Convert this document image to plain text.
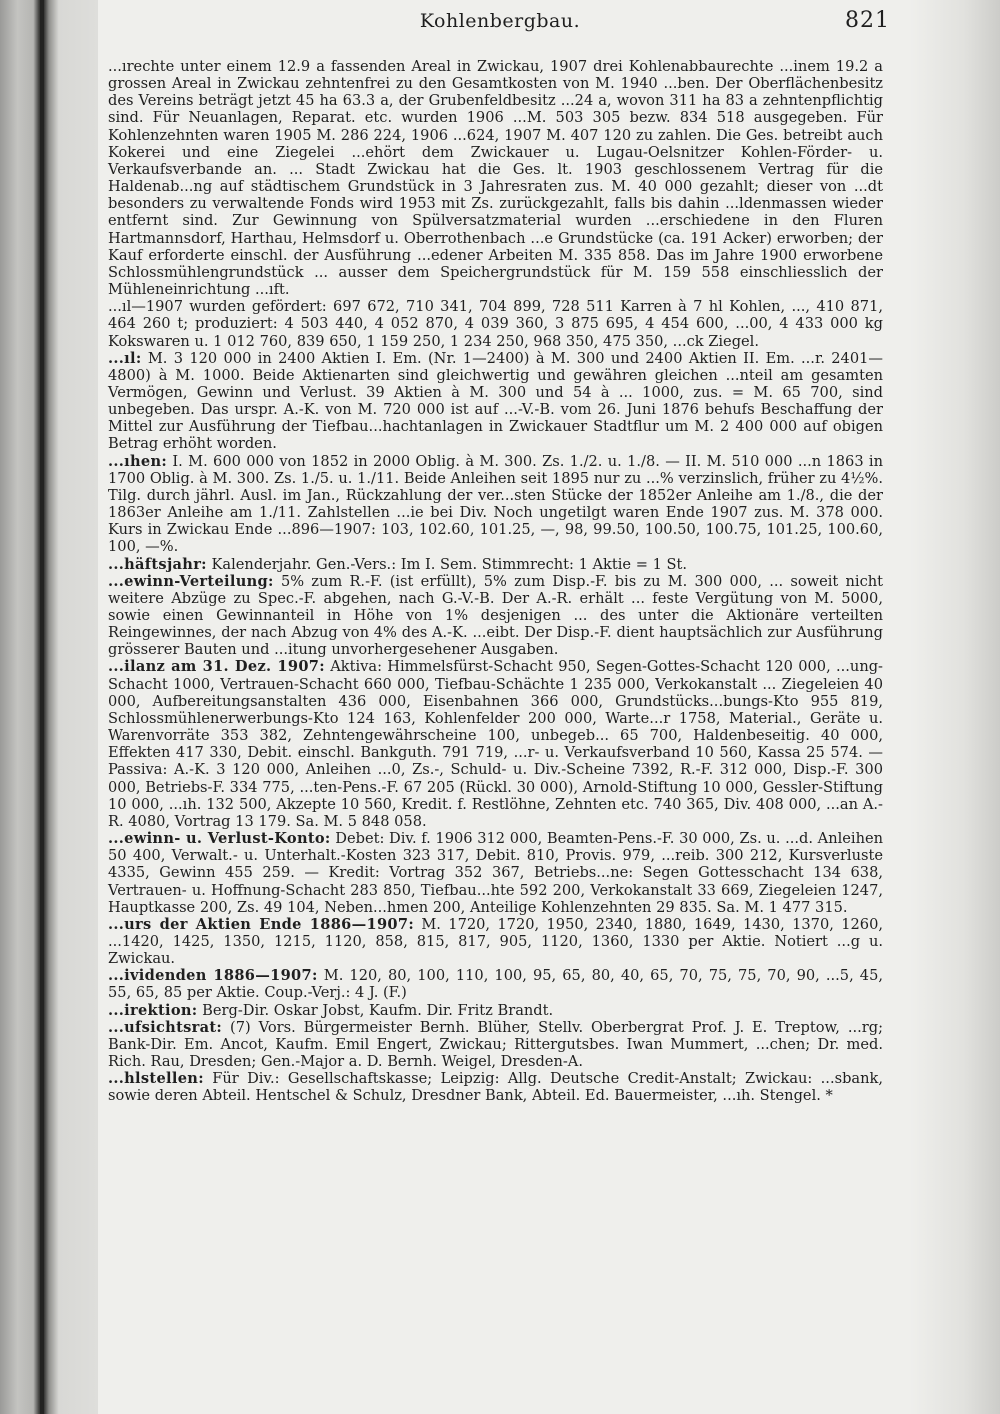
Kohlenbergbau.	821

...ırechte unter einem 12.9 a fassenden Areal in Zwickau, 1907 drei Kohlenabbaurechte ...inem 19.2 a grossen Areal in Zwickau zehntenfrei zu den Gesamtkosten von M. 1940 ...ben. Der Oberflächenbesitz des Vereins beträgt jetzt 45 ha 63.3 a, der Grubenfeldbesitz ...24 a, wovon 311 ha 83 a zehntenpflichtig sind. Für Neuanlagen, Reparat. etc. wurden 1906 ...M. 503 305 bezw. 834 518 ausgegeben. Für Kohlenzehnten waren 1905 M. 286 224, 1906 ...624, 1907 M. 407 120 zu zahlen. Die Ges. betreibt auch Kokerei und eine Ziegelei ...ehört dem Zwickauer u. Lugau-Oelsnitzer Kohlen-Förder- u. Verkaufsverbande an. ... Stadt Zwickau hat die Ges. lt. 1903 geschlossenem Vertrag für die Haldenab...ng auf städtischem Grundstück in 3 Jahresraten zus. M. 40 000 gezahlt; dieser von ...dt besonders zu verwaltende Fonds wird 1953 mit Zs. zurückgezahlt, falls bis dahin ...ldenmassen wieder entfernt sind. Zur Gewinnung von Spülversatzmaterial wurden ...erschiedene in den Fluren Hartmannsdorf, Harthau, Helmsdorf u. Oberrothenbach ...e Grundstücke (ca. 191 Acker) erworben; der Kauf erforderte einschl. der Ausführung ...edener Arbeiten M. 335 858. Das im Jahre 1900 erworbene Schlossmühlengrundstück ... ausser dem Speichergrundstück für M. 159 558 einschliesslich der Mühleneinrichtung ...ıft.

...ıl—1907 wurden gefördert: 697 672, 710 341, 704 899, 728 511 Karren à 7 hl Kohlen, ..., 410 871, 464 260 t; produziert: 4 503 440, 4 052 870, 4 039 360, 3 875 695, 4 454 600, ...00, 4 433 000 kg Kokswaren u. 1 012 760, 839 650, 1 159 250, 1 234 250, 968 350, 475 350, ...ck Ziegel.

...ıl: M. 3 120 000 in 2400 Aktien I. Em. (Nr. 1—2400) à M. 300 und 2400 Aktien II. Em. ...r. 2401—4800) à M. 1000. Beide Aktienarten sind gleichwertig und gewähren gleichen ...nteil am gesamten Vermögen, Gewinn und Verlust. 39 Aktien à M. 300 und 54 à ... 1000, zus. = M. 65 700, sind unbegeben. Das urspr. A.-K. von M. 720 000 ist auf ...-V.-B. vom 26. Juni 1876 behufs Beschaffung der Mittel zur Ausführung der Tiefbau...hachtanlagen in Zwickauer Stadtflur um M. 2 400 000 auf obigen Betrag erhöht worden.

...ıhen: I. M. 600 000 von 1852 in 2000 Oblig. à M. 300. Zs. 1./2. u. 1./8. — II. M. 510 000 ...n 1863 in 1700 Oblig. à M. 300. Zs. 1./5. u. 1./11. Beide Anleihen seit 1895 nur zu ...% verzinslich, früher zu 4½%. Tilg. durch jährl. Ausl. im Jan., Rückzahlung der ver...sten Stücke der 1852er Anleihe am 1./8., die der 1863er Anleihe am 1./11. Zahlstellen ...ie bei Div. Noch ungetilgt waren Ende 1907 zus. M. 378 000. Kurs in Zwickau Ende ...896—1907: 103, 102.60, 101.25, —, 98, 99.50, 100.50, 100.75, 101.25, 100.60, 100, —%.

...häftsjahr: Kalenderjahr. Gen.-Vers.: Im I. Sem. Stimmrecht: 1 Aktie = 1 St.

...ewinn-Verteilung: 5% zum R.-F. (ist erfüllt), 5% zum Disp.-F. bis zu M. 300 000, ... soweit nicht weitere Abzüge zu Spec.-F. abgehen, nach G.-V.-B. Der A.-R. erhält ... feste Vergütung von M. 5000, sowie einen Gewinnanteil in Höhe von 1% desjenigen ... des unter die Aktionäre verteilten Reingewinnes, der nach Abzug von 4% des A.-K. ...eibt. Der Disp.-F. dient hauptsächlich zur Ausführung grösserer Bauten und ...itung unvorhergesehener Ausgaben.

...ilanz am 31. Dez. 1907: Aktiva: Himmelsfürst-Schacht 950, Segen-Gottes-Schacht 120 000, ...ung-Schacht 1000, Vertrauen-Schacht 660 000, Tiefbau-Schächte 1 235 000, Verkokanstalt ... Ziegeleien 40 000, Aufbereitungsanstalten 436 000, Eisenbahnen 366 000, Grundstücks...bungs-Kto 955 819, Schlossmühlenerwerbungs-Kto 124 163, Kohlenfelder 200 000, Warte...r 1758, Material., Geräte u. Warenvorräte 353 382, Zehntengewährscheine 100, unbegeb... 65 700, Haldenbeseitig. 40 000, Effekten 417 330, Debit. einschl. Bankguth. 791 719, ...r- u. Verkaufsverband 10 560, Kassa 25 574. — Passiva: A.-K. 3 120 000, Anleihen ...0, Zs.-, Schuld- u. Div.-Scheine 7392, R.-F. 312 000, Disp.-F. 300 000, Betriebs-F. 334 775, ...ten-Pens.-F. 67 205 (Rückl. 30 000), Arnold-Stiftung 10 000, Gessler-Stiftung 10 000, ...ıh. 132 500, Akzepte 10 560, Kredit. f. Restlöhne, Zehnten etc. 740 365, Div. 408 000, ...an A.-R. 4080, Vortrag 13 179. Sa. M. 5 848 058.

...ewinn- u. Verlust-Konto: Debet: Div. f. 1906 312 000, Beamten-Pens.-F. 30 000, Zs. u. ...d. Anleihen 50 400, Verwalt.- u. Unterhalt.-Kosten 323 317, Debit. 810, Provis. 979, ...reib. 300 212, Kursverluste 4335, Gewinn 455 259. — Kredit: Vortrag 352 367, Betriebs...ne: Segen Gottesschacht 134 638, Vertrauen- u. Hoffnung-Schacht 283 850, Tiefbau...hte 592 200, Verkokanstalt 33 669, Ziegeleien 1247, Hauptkasse 200, Zs. 49 104, Neben...hmen 200, Anteilige Kohlenzehnten 29 835. Sa. M. 1 477 315.

...urs der Aktien Ende 1886—1907: M. 1720, 1720, 1950, 2340, 1880, 1649, 1430, 1370, 1260, ...1420, 1425, 1350, 1215, 1120, 858, 815, 817, 905, 1120, 1360, 1330 per Aktie. Notiert ...g u. Zwickau.

...ividenden 1886—1907: M. 120, 80, 100, 110, 100, 95, 65, 80, 40, 65, 70, 75, 75, 70, 90, ...5, 45, 55, 65, 85 per Aktie. Coup.-Verj.: 4 J. (F.)

...irektion: Berg-Dir. Oskar Jobst, Kaufm. Dir. Fritz Brandt.

...ufsichtsrat: (7) Vors. Bürgermeister Bernh. Blüher, Stellv. Oberbergrat Prof. J. E. Treptow, ...rg; Bank-Dir. Em. Ancot, Kaufm. Emil Engert, Zwickau; Rittergutsbes. Iwan Mummert, ...chen; Dr. med. Rich. Rau, Dresden; Gen.-Major a. D. Bernh. Weigel, Dresden-A.

...hlstellen: Für Div.: Gesellschaftskasse; Leipzig: Allg. Deutsche Credit-Anstalt; Zwickau: ...sbank, sowie deren Abteil. Hentschel & Schulz, Dresdner Bank, Abteil. Ed. Bauermeister, ...ıh. Stengel. *
